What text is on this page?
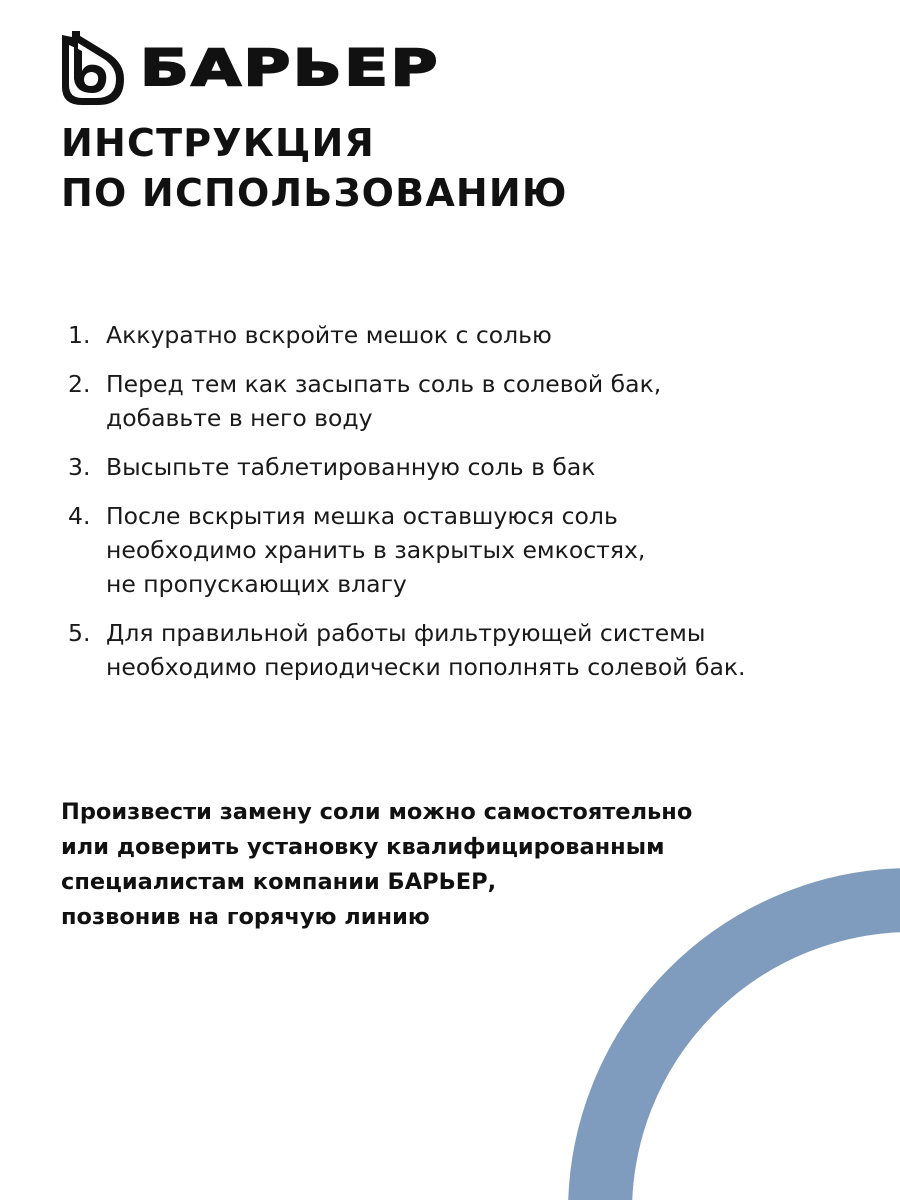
БАРЬЕР
ИНСТРУКЦИЯ
ПО ИСПОЛЬЗОВАНИЮ
1. Аккуратно вскройте мешок с солью
2. Перед тем как засыпать соль в солевой бак,
добавьте в него воду
3. Высыпьте таблетированную соль в бак
4. После вскрытия мешка оставшуюся соль
необходимо хранить в закрытых емкостях,
не пропускающих влагу
5. Для правильной работы фильтрующей системы
необходимо периодически пополнять солевой бак.

Произвести замену соли можно самостоятельно
или доверить установку квалифицированным
специалистам компании БАРЬЕР,
позвонив на горячую линию
